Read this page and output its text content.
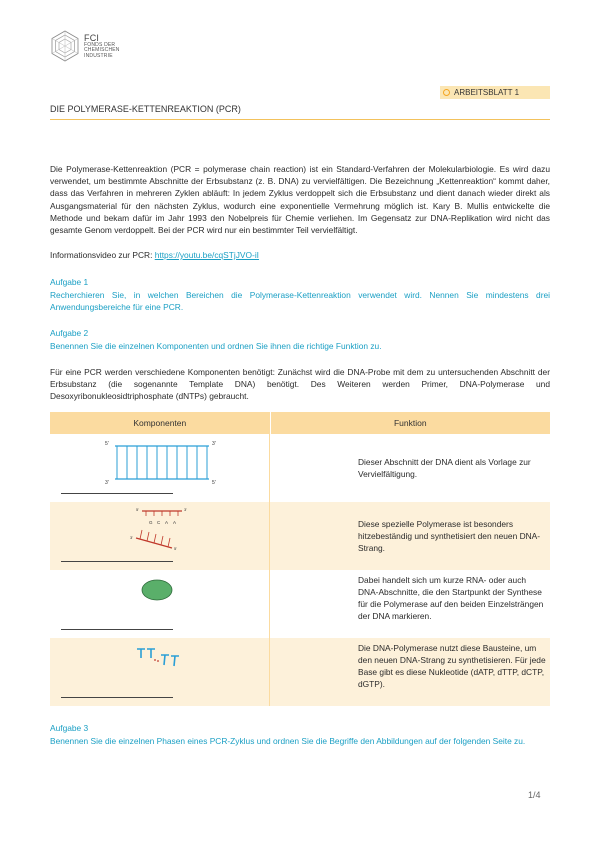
FCI
FONDS DER
CHEMISCHEN
INDUSTRIE
ARBEITSBLATT 1
DIE POLYMERASE-KETTENREAKTION (PCR)
Die Polymerase-Kettenreaktion (PCR = polymerase chain reaction) ist ein Standard-Verfahren der Molekularbiologie. Es wird dazu verwendet, um bestimmte Abschnitte der Erbsubstanz (z. B. DNA) zu vervielfältigen. Die Bezeichnung „Kettenreaktion“ kommt daher, dass das Verfahren in mehreren Zyklen abläuft: In jedem Zyklus verdoppelt sich die Erbsubstanz und dient danach wieder direkt als Ausgangsmaterial für den nächsten Zyklus, wodurch eine exponentielle Vermehrung möglich ist. Kary B. Mullis entwickelte die Methode und bekam dafür im Jahr 1993 den Nobelpreis für Chemie verliehen. Im Gegensatz zur DNA-Replikation wird nicht das gesamte Genom verdoppelt. Bei der PCR wird nur ein bestimmter Teil vervielfältigt.
Informationsvideo zur PCR: https://youtu.be/cqSTjJVO-iI
Aufgabe 1
Recherchieren Sie, in welchen Bereichen die Polymerase-Kettenreaktion verwendet wird. Nennen Sie mindestens drei Anwendungsbereiche für eine PCR.
Aufgabe 2
Benennen Sie die einzelnen Komponenten und ordnen Sie ihnen die richtige Funktion zu.
Für eine PCR werden verschiedene Komponenten benötigt: Zunächst wird die DNA-Probe mit dem zu untersuchenden Abschnitt der Erbsubstanz (die sogenannte Template DNA) benötigt. Des Weiteren werden Primer, DNA-Polymerase und Desoxyribonukleosidtriphosphate (dNTPs) gebraucht.
Komponenten	Funktion
5'	3'
3'	5'
Dieser Abschnitt der DNA dient als Vorlage zur Vervielfältigung.
G C A A
5'	3'
3'
5'
Diese spezielle Polymerase ist besonders hitzebeständig und synthetisiert den neuen DNA-Strang.
Dabei handelt sich um kurze RNA- oder auch DNA-Abschnitte, die den Startpunkt der Synthese für die Polymerase auf den beiden Einzelsträngen der DNA markieren.
Die DNA-Polymerase nutzt diese Bausteine, um den neuen DNA-Strang zu synthetisieren. Für jede Base gibt es diese Nukleotide (dATP, dTTP, dCTP, dGTP).
Aufgabe 3
Benennen Sie die einzelnen Phasen eines PCR-Zyklus und ordnen Sie die Begriffe den Abbildungen auf der folgenden Seite zu.
1/4
